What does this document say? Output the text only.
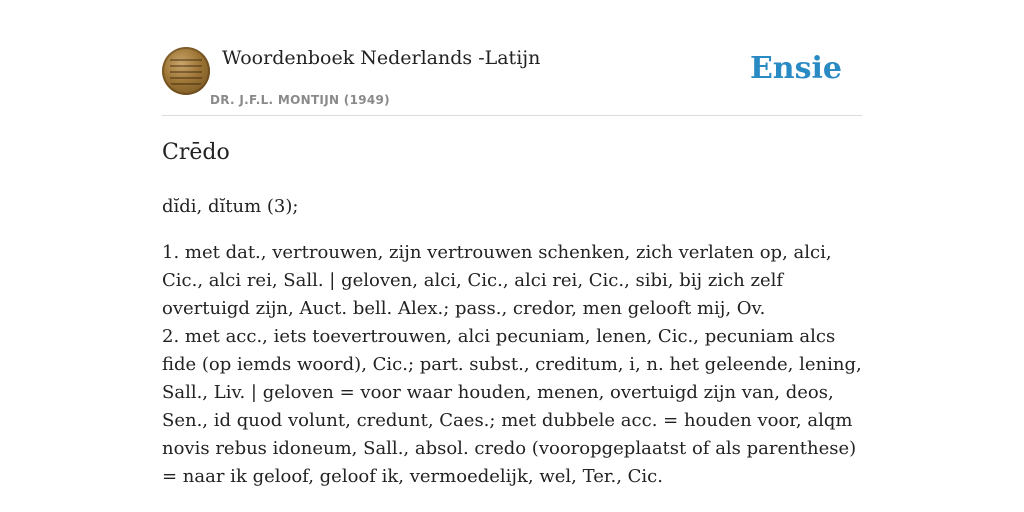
Woordenboek Nederlands -Latijn
DR. J.F.L. MONTIJN (1949)
Ensie
Crēdo
dĭdi, dĭtum (3);

1. met dat., vertrouwen, zijn vertrouwen schenken, zich verlaten op, alci, Cic., alci rei, Sall. | geloven, alci, Cic., alci rei, Cic., sibi, bij zich zelf overtuigd zijn, Auct. bell. Alex.; pass., credor, men gelooft mij, Ov.

2. met acc., iets toevertrouwen, alci pecuniam, lenen, Cic., pecuniam alcs fide (op iemds woord), Cic.; part. subst., creditum, i, n. het geleende, lening, Sall., Liv. | geloven = voor waar houden, menen, overtuigd zijn van, deos, Sen., id quod volunt, credunt, Caes.; met dubbele acc. = houden voor, alqm novis rebus idoneum, Sall., absol. credo (vooropgeplaatst of als parenthese) = naar ik geloof, geloof ik, vermoedelijk, wel, Ter., Cic.
